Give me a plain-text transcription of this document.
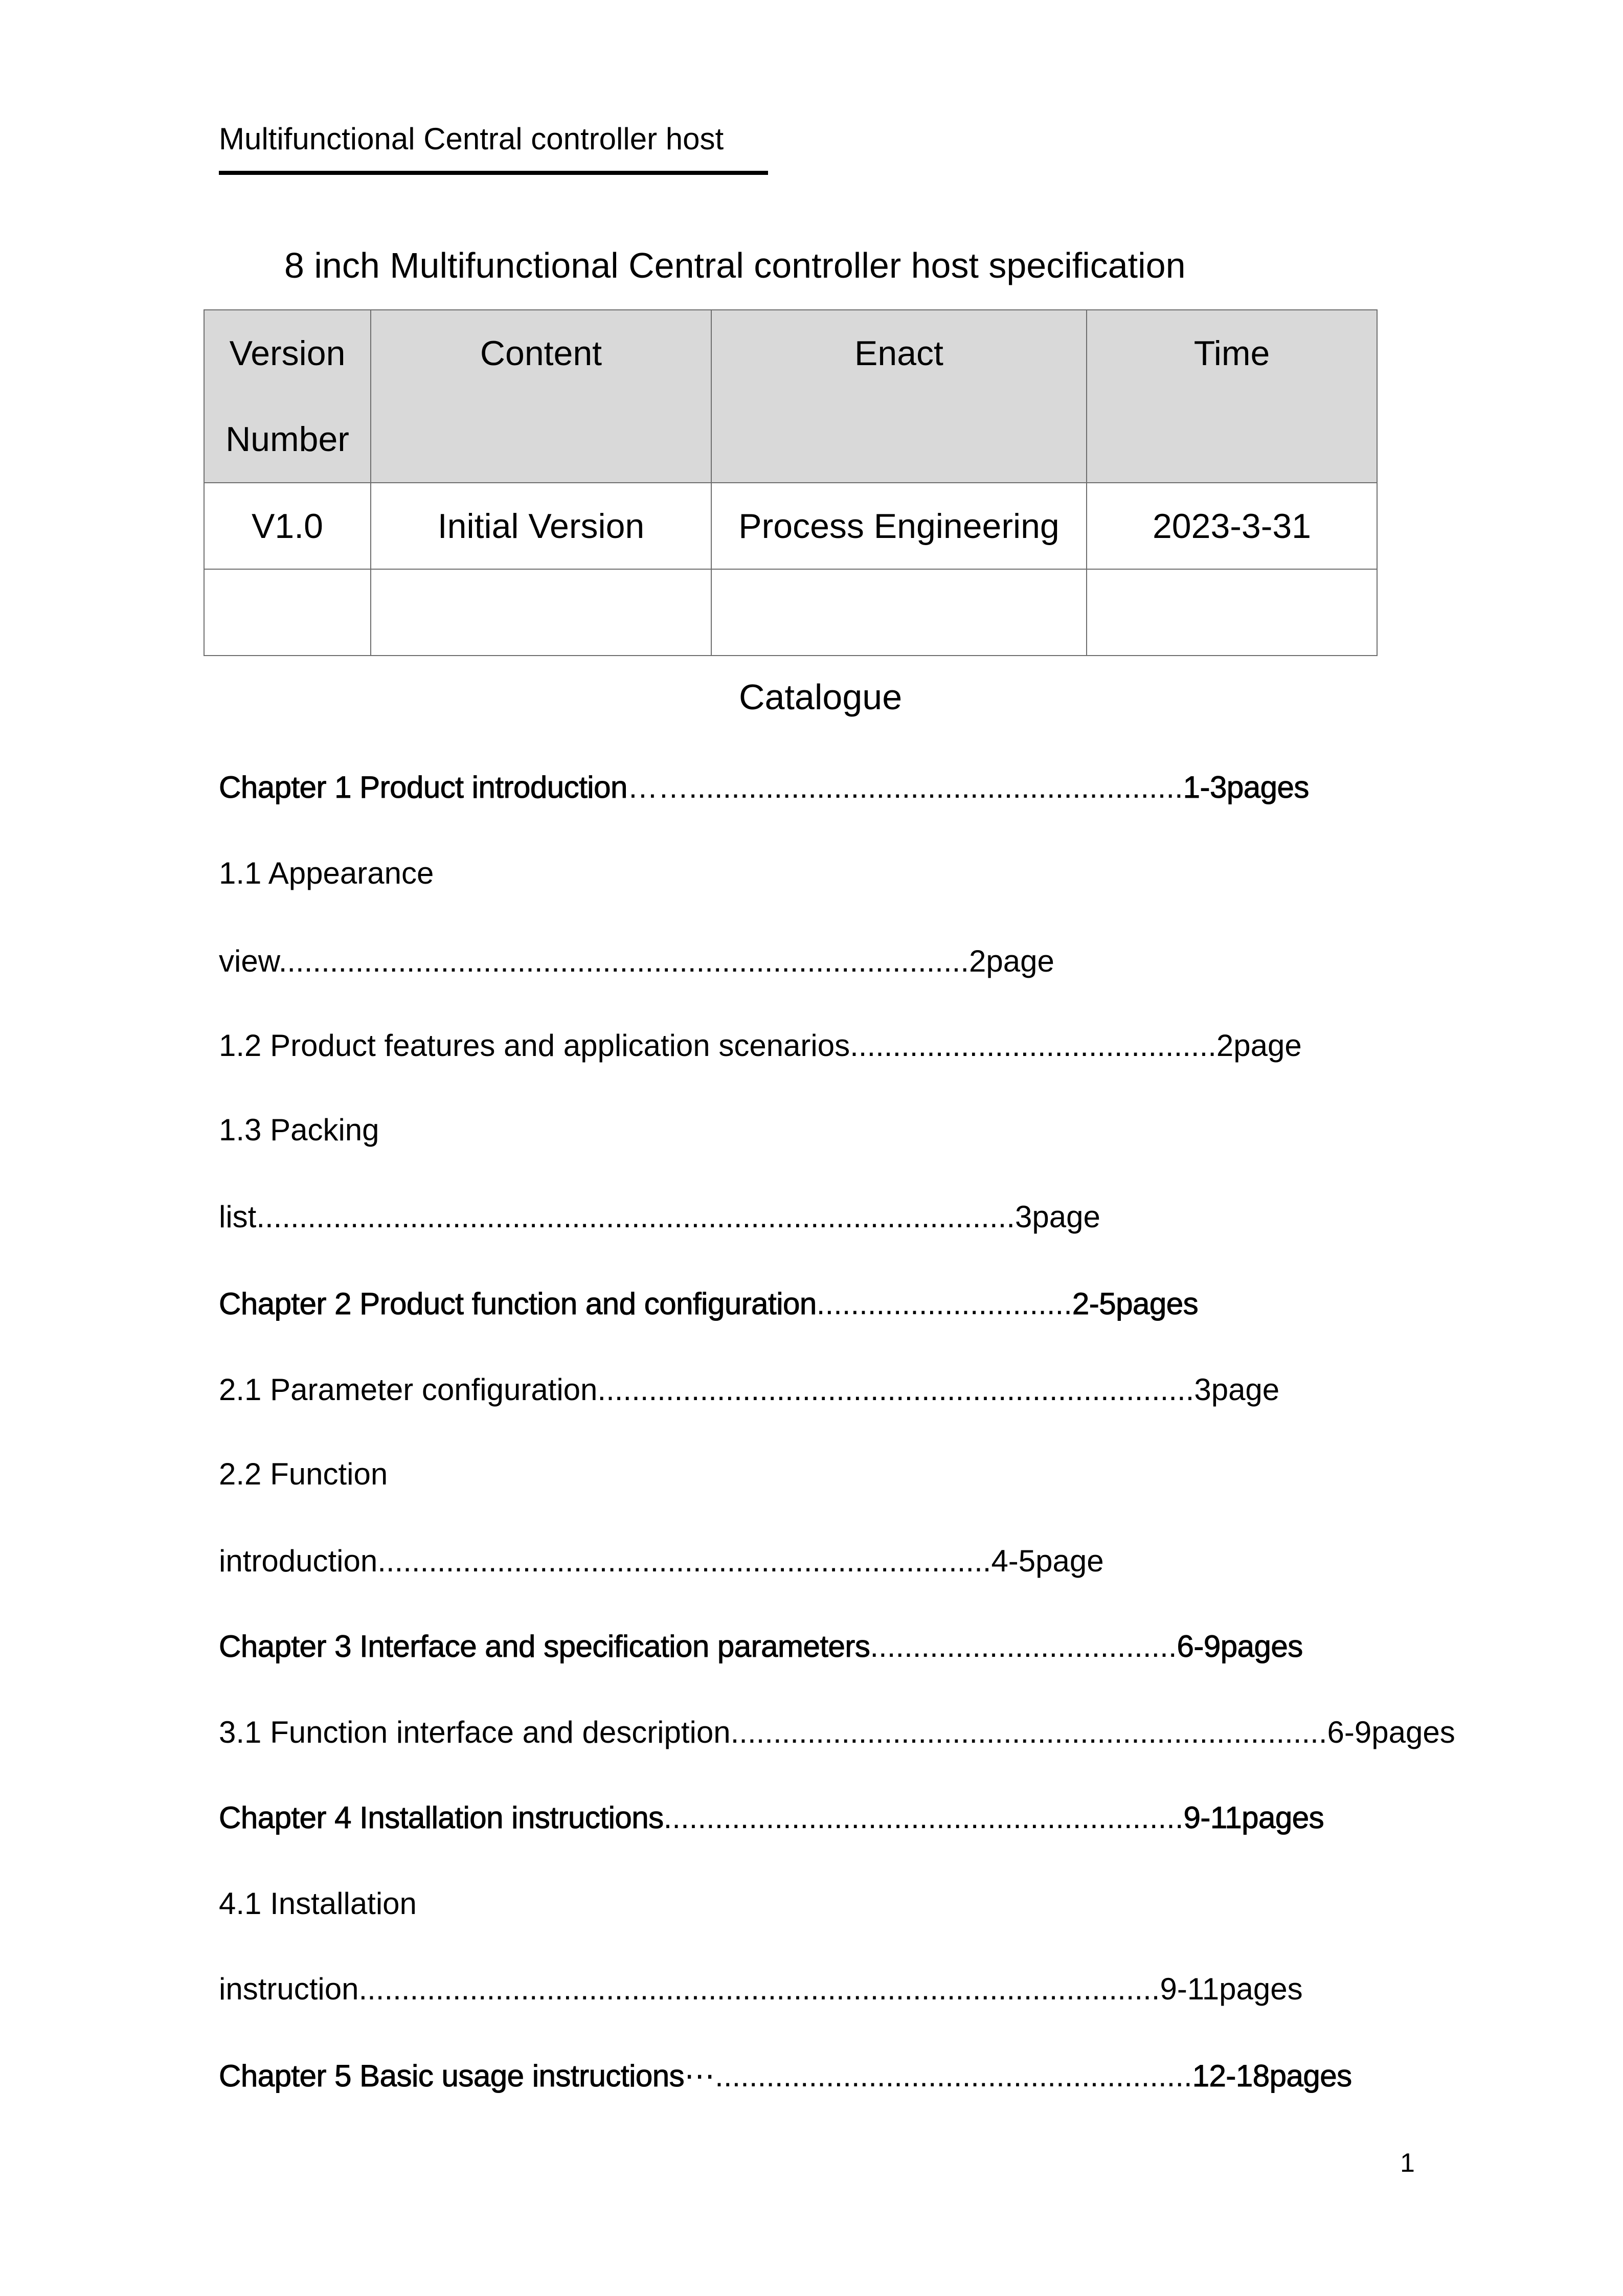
Multifunctional Central controller host
8 inch Multifunctional Central controller host specification
Version
Number	Content	Enact	Time
V1.0	Initial Version	Process Engineering	2023-3-31

Catalogue
Chapter 1 Product introduction……..........................................................1-3pages
1.1 Appearance
view.................................................................................2page
1.2 Product features and application scenarios...........................................2page
1.3 Packing
list.........................................................................................3page
Chapter 2 Product function and configuration..............................2-5pages
2.1 Parameter configuration......................................................................3page
2.2 Function
introduction........................................................................4-5page
Chapter 3 Interface and specification parameters....................................6-9pages
3.1 Function interface and description......................................................................6-9pages
Chapter 4 Installation instructions.............................................................9-11pages
4.1 Installation
instruction..............................................................................................9-11pages
Chapter 5 Basic usage instructions⋯........................................................12-18pages
1
